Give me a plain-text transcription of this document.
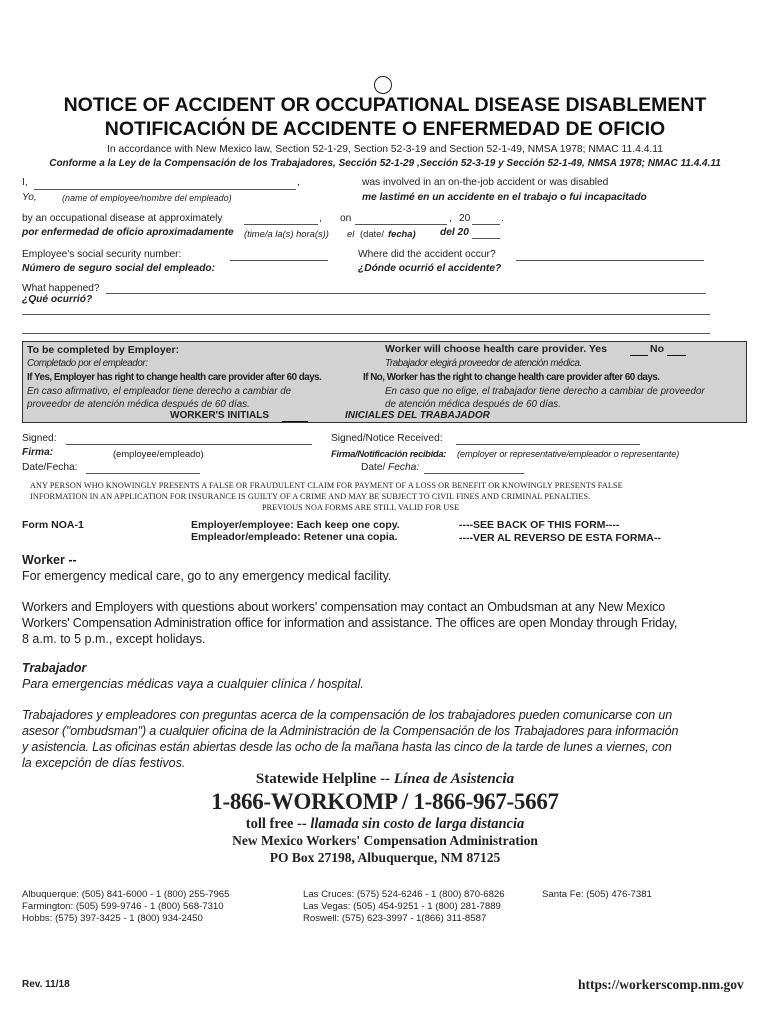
NOTICE OF ACCIDENT OR OCCUPATIONAL DISEASE DISABLEMENT
NOTIFICACIÓN DE ACCIDENTE O ENFERMEDAD DE OFICIO
In accordance with New Mexico law, Section 52-1-29, Section 52-3-19 and Section 52-1-49, NMSA 1978; NMAC 11.4.4.11
Conforme a la Ley de la Compensación de los Trabajadores, Sección 52-1-29 ,Sección 52-3-19 y Sección 52-1-49, NMSA 1978; NMAC 11.4.4.11
I,	,
Yo,	(name of employee/nombre del empleado)
was involved in an on-the-job accident or was disabled
me lastimé en un accidente en el trabajo o fui incapacitado
by an occupational disease at approximately	, on	, 20	.
por enfermedad de oficio aproximadamente (time/a la(s) hora(s)) el (date/ fecha) del 20
Employee's social security number:
Número de seguro social del empleado:
Where did the accident occur?
¿Dónde ocurrió el accidente?
What happened?
¿Qué ocurrió?
To be completed by Employer:
Completado por el empleador:
If Yes, Employer has right to change health care provider after 60 days.
En caso afirmativo, el empleador tiene derecho a cambiar de
proveedor de atención médica después de 60 días.
Worker will choose health care provider. Yes	No
Trabajador elegirá proveedor de atención médica.
If No, Worker has the right to change health care provider after 60 days.
En caso que no elige, el trabajador tiene derecho a cambiar de proveedor
de atención médica después de 60 días.
WORKER'S INITIALS	INICIALES DEL TRABAJADOR
Signed:
Firma:	(employee/empleado)
Date/Fecha:
Signed/Notice Received:
Firma/Notificación recibida: (employer or representative/empleador o representante)
Date/ Fecha:
ANY PERSON WHO KNOWINGLY PRESENTS A FALSE OR FRAUDULENT CLAIM FOR PAYMENT OF A LOSS OR BENEFIT OR KNOWINGLY PRESENTS FALSE
INFORMATION IN AN APPLICATION FOR INSURANCE IS GUILTY OF A CRIME AND MAY BE SUBJECT TO CIVIL FINES AND CRIMINAL PENALTIES.
PREVIOUS NOA FORMS ARE STILL VALID FOR USE
Form NOA-1	Employer/employee: Each keep one copy.
Empleador/empleado: Retener una copia.
----SEE BACK OF THIS FORM----
----VER AL REVERSO DE ESTA FORMA--
Worker --
For emergency medical care, go to any emergency medical facility.
Workers and Employers with questions about workers' compensation may contact an Ombudsman at any New Mexico
Workers' Compensation Administration office for information and assistance. The offices are open Monday through Friday,
8 a.m. to 5 p.m., except holidays.
Trabajador
Para emergencias médicas vaya a cualquier clínica / hospital.
Trabajadores y empleadores con preguntas acerca de la compensación de los trabajadores pueden comunicarse con un
asesor ("ombudsman") a cualquier oficina de la Administración de la Compensación de los Trabajadores para información
y asistencia. Las oficinas están abiertas desde las ocho de la mañana hasta las cinco de la tarde de lunes a viernes, con
la excepción de días festivos.
Statewide Helpline -- Línea de Asistencia
1-866-WORKOMP / 1-866-967-5667
toll free -- llamada sin costo de larga distancia
New Mexico Workers' Compensation Administration
PO Box 27198, Albuquerque, NM 87125
Albuquerque: (505) 841-6000 - 1 (800) 255-7965
Farmington: (505) 599-9746 - 1 (800) 568-7310
Hobbs: (575) 397-3425 - 1 (800) 934-2450
Las Cruces: (575) 524-6246 - 1 (800) 870-6826
Las Vegas: (505) 454-9251 - 1 (800) 281-7889
Roswell: (575) 623-3997 - 1(866) 311-8587
Santa Fe: (505) 476-7381
Rev. 11/18	https://workerscomp.nm.gov
